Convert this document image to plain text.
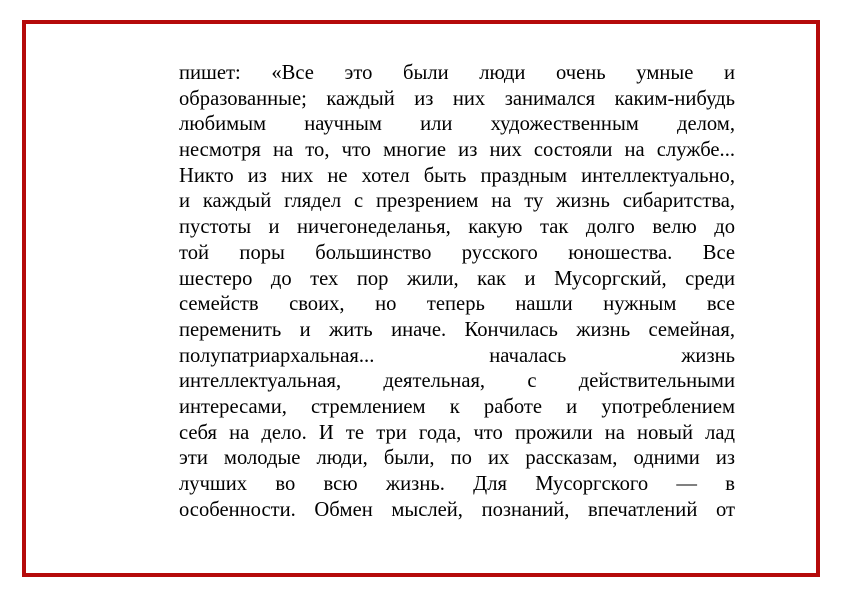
пишет: «Все это были люди очень умные и
образованные; каждый из них занимался каким-нибудь
любимым научным или художественным делом,
несмотря на то, что многие из них состояли на службе...
Никто из них не хотел быть праздным интеллектуально,
и каждый глядел с презрением на ту жизнь сибаритства,
пустоты и ничегонеделанья, какую так долго велю до
той поры большинство русского юношества. Все
шестеро до тех пор жили, как и Мусоргский, среди
семейств своих, но теперь нашли нужным все
переменить и жить иначе. Кончилась жизнь семейная,
полупатриархальная... началась жизнь
интеллектуальная, деятельная, с действительными
интересами, стремлением к работе и употреблением
себя на дело. И те три года, что прожили на новый лад
эти молодые люди, были, по их рассказам, одними из
лучших во всю жизнь. Для Мусоргского — в
особенности. Обмен мыслей, познаний, впечатлений от
